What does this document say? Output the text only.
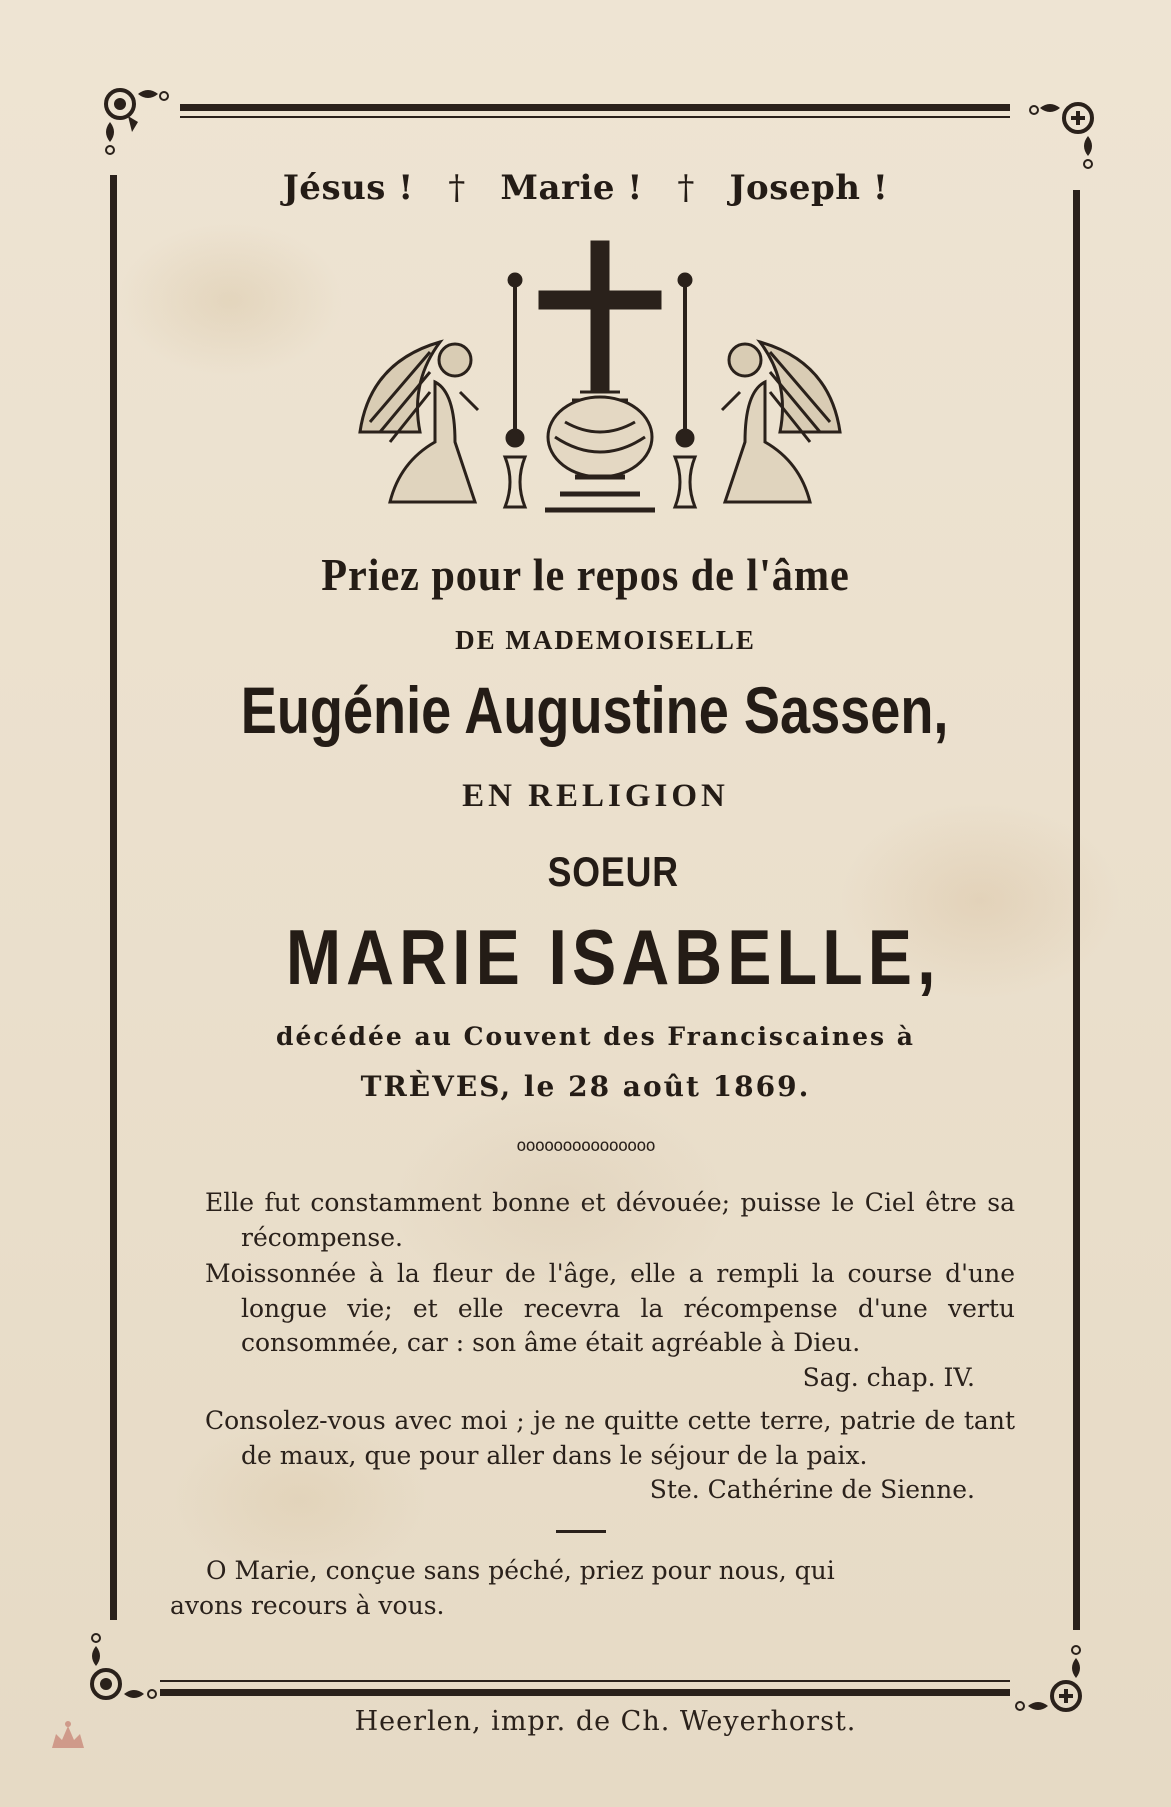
Jésus ! † Marie ! † Joseph !
Priez pour le repos de l'âme
DE MADEMOISELLE
Eugénie Augustine Sassen,
EN RELIGION
SOEUR
MARIE ISABELLE,
décédée au Couvent des Franciscaines à
TRÈVES, le 28 août 1869.
ooooooooooooooo

Elle fut constamment bonne et dévouée; puisse le Ciel être sa récompense.

Moissonnée à la fleur de l'âge, elle a rempli la course d'une longue vie; et elle recevra la récompense d'une vertu consommée, car : son âme était agréable à Dieu.
Sag. chap. IV.

Consolez-vous avec moi ; je ne quitte cette terre, patrie de tant de maux, que pour aller dans le séjour de la paix.
Ste. Cathérine de Sienne.

O Marie, conçue sans péché, priez pour nous, qui
avons recours à vous.

Heerlen, impr. de Ch. Weyerhorst.
